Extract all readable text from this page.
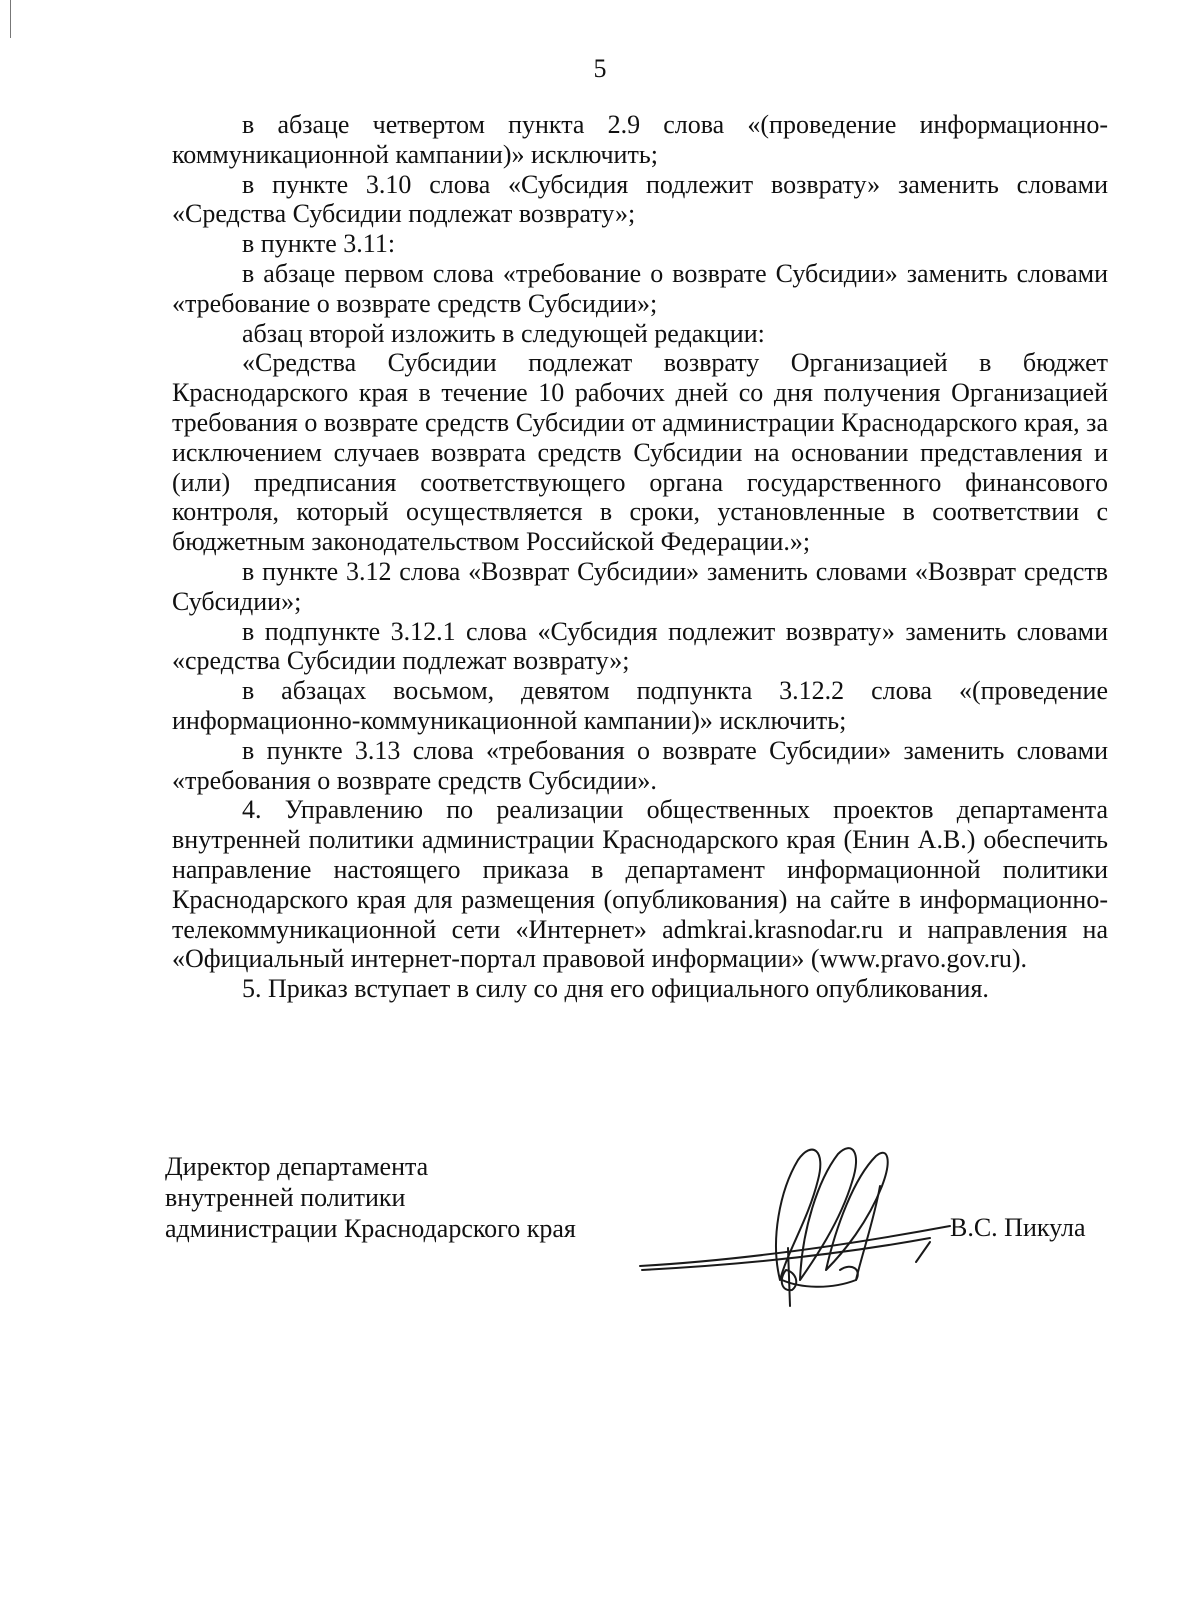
5

в абзаце четвертом пункта 2.9 слова «(проведение информационно-коммуникационной кампании)» исключить;

в пункте 3.10 слова «Субсидия подлежит возврату» заменить словами «Средства Субсидии подлежат возврату»;

в пункте 3.11:

в абзаце первом слова «требование о возврате Субсидии» заменить словами «требование о возврате средств Субсидии»;

абзац второй изложить в следующей редакции:

«Средства Субсидии подлежат возврату Организацией в бюджет Краснодарского края в течение 10 рабочих дней со дня получения Организацией требования о возврате средств Субсидии от администрации Краснодарского края, за исключением случаев возврата средств Субсидии на основании представления и (или) предписания соответствующего органа государственного финансового контроля, который осуществляется в сроки, установленные в соответствии с бюджетным законодательством Российской Федерации.»;

в пункте 3.12 слова «Возврат Субсидии» заменить словами «Возврат средств Субсидии»;

в подпункте 3.12.1 слова «Субсидия подлежит возврату» заменить словами «средства Субсидии подлежат возврату»;

в абзацах восьмом, девятом подпункта 3.12.2 слова «(проведение информационно-коммуникационной кампании)» исключить;

в пункте 3.13 слова «требования о возврате Субсидии» заменить словами «требования о возврате средств Субсидии».

4. Управлению по реализации общественных проектов департамента внутренней политики администрации Краснодарского края (Енин А.В.) обеспечить направление настоящего приказа в департамент информационной политики Краснодарского края для размещения (опубликования) на сайте в информационно-телекоммуникационной сети «Интернет» admkrai.krasnodar.ru и направления на «Официальный интернет-портал правовой информации» (www.pravo.gov.ru).

5. Приказ вступает в силу со дня его официального опубликования.

Директор департамента
внутренней политики
администрации Краснодарского края	В.С. Пикула
